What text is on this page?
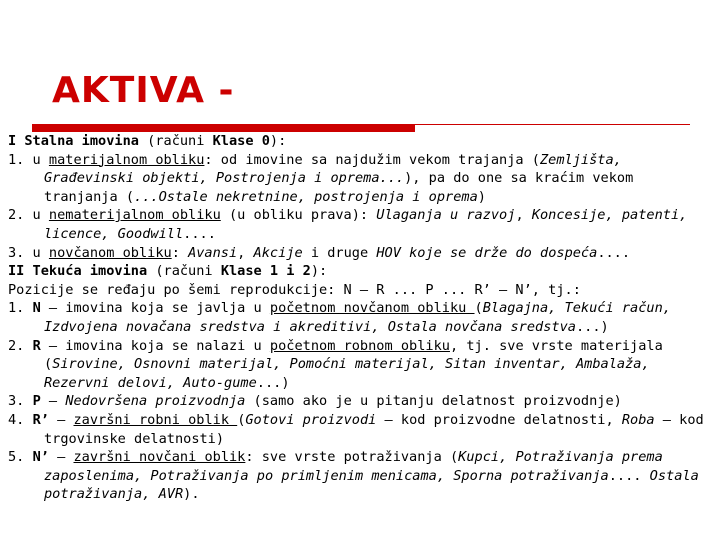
AKTIVA -

I Stalna imovina (računi Klase 0):

1. u materijalnom obliku: od imovine sa najdužim vekom trajanja (Zemljišta, Građevinski objekti, Postrojenja i oprema...), pa do one sa kraćim vekom tranjanja (...Ostale nekretnine, postrojenja i oprema)

2. u nematerijalnom obliku (u obliku prava): Ulaganja u razvoj, Koncesije, patenti, licence, Goodwill....

3. u novčanom obliku: Avansi, Akcije i druge HOV koje se drže do dospeća....

II Tekuća imovina (računi Klase 1 i 2):

Pozicije se ređaju po šemi reprodukcije: N – R ... P ... R’ – N’, tj.:

1. N – imovina koja se javlja u početnom novčanom obliku (Blagajna, Tekući račun, Izdvojena novačana sredstva i akreditivi, Ostala novčana sredstva...)

2. R – imovina koja se nalazi u početnom robnom obliku, tj. sve vrste materijala (Sirovine, Osnovni materijal, Pomoćni materijal, Sitan inventar, Ambalaža, Rezervni delovi, Auto-gume...)

3. P – Nedovršena proizvodnja (samo ako je u pitanju delatnost proizvodnje)

4. R’ – završni robni oblik (Gotovi proizvodi – kod proizvodne delatnosti, Roba – kod trgovinske delatnosti)

5. N’ – završni novčani oblik: sve vrste potraživanja (Kupci, Potraživanja prema zaposlenima, Potraživanja po primljenim menicama, Sporna potraživanja.... Ostala potraživanja, AVR).
